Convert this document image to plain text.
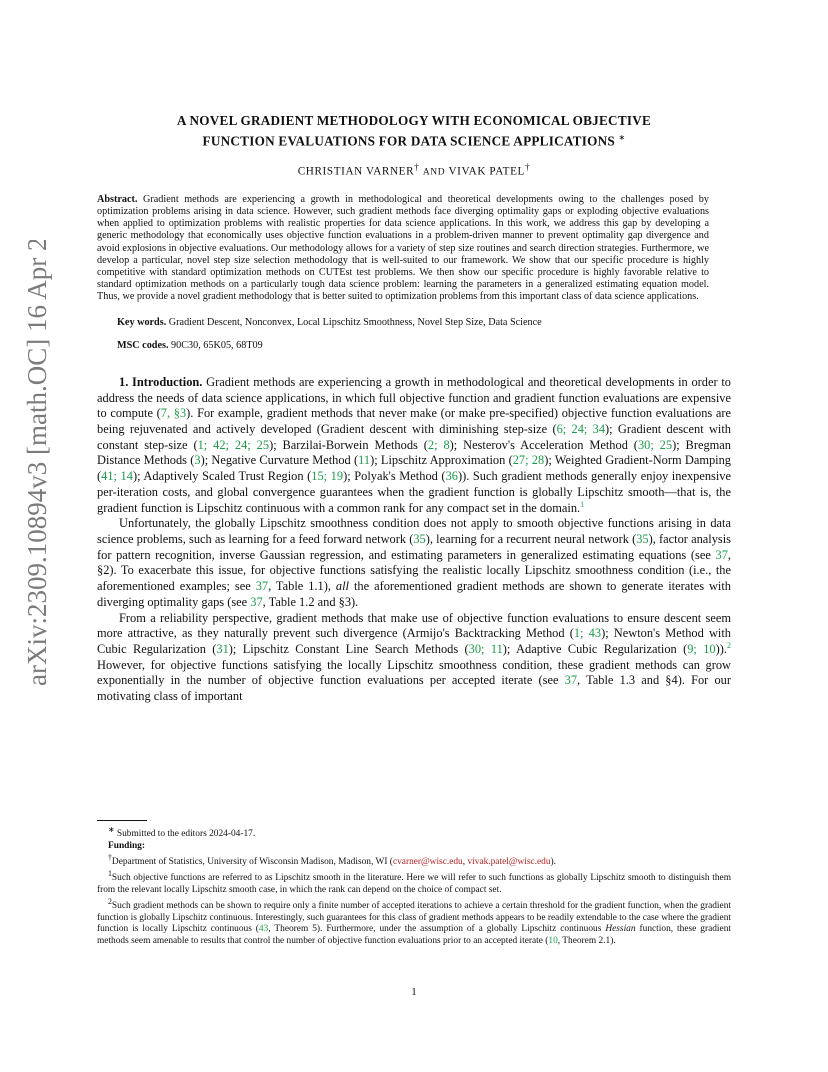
arXiv:2309.10894v3 [math.OC] 16 Apr 2024
A NOVEL GRADIENT METHODOLOGY WITH ECONOMICAL OBJECTIVE
FUNCTION EVALUATIONS FOR DATA SCIENCE APPLICATIONS ∗
CHRISTIAN VARNER† AND VIVAK PATEL†
Abstract. Gradient methods are experiencing a growth in methodological and theoretical developments owing to the challenges posed by optimization problems arising in data science. However, such gradient methods face diverging optimality gaps or exploding objective evaluations when applied to optimization problems with realistic properties for data science applications. In this work, we address this gap by developing a generic methodology that economically uses objective function evaluations in a problem-driven manner to prevent optimality gap divergence and avoid explosions in objective evaluations. Our methodology allows for a variety of step size routines and search direction strategies. Furthermore, we develop a particular, novel step size selection methodology that is well-suited to our framework. We show that our specific procedure is highly competitive with standard optimization methods on CUTEst test problems. We then show our specific procedure is highly favorable relative to standard optimization methods on a particularly tough data science problem: learning the parameters in a generalized estimating equation model. Thus, we provide a novel gradient methodology that is better suited to optimization problems from this important class of data science applications.
Key words. Gradient Descent, Nonconvex, Local Lipschitz Smoothness, Novel Step Size, Data Science
MSC codes. 90C30, 65K05, 68T09

1. Introduction. Gradient methods are experiencing a growth in methodological and theoretical developments in order to address the needs of data science applications, in which full objective function and gradient function evaluations are expensive to compute (7, §3). For example, gradient methods that never make (or make pre-specified) objective function evaluations are being rejuvenated and actively developed (Gradient descent with diminishing step-size (6; 24; 34); Gradient descent with constant step-size (1; 42; 24; 25); Barzilai-Borwein Methods (2; 8); Nesterov's Acceleration Method (30; 25); Bregman Distance Methods (3); Negative Curvature Method (11); Lipschitz Approximation (27; 28); Weighted Gradient-Norm Damping (41; 14); Adaptively Scaled Trust Region (15; 19); Polyak's Method (36)). Such gradient methods generally enjoy inexpensive per-iteration costs, and global convergence guarantees when the gradient function is globally Lipschitz smooth—that is, the gradient function is Lipschitz continuous with a common rank for any compact set in the domain.$^1$

Unfortunately, the globally Lipschitz smoothness condition does not apply to smooth objective functions arising in data science problems, such as learning for a feed forward network (35), learning for a recurrent neural network (35), factor analysis for pattern recognition, inverse Gaussian regression, and estimating parameters in generalized estimating equations (see 37, §2). To exacerbate this issue, for objective functions satisfying the realistic locally Lipschitz smoothness condition (i.e., the aforementioned examples; see 37, Table 1.1), all the aforementioned gradient methods are shown to generate iterates with diverging optimality gaps (see 37, Table 1.2 and §3).

From a reliability perspective, gradient methods that make use of objective function evaluations to ensure descent seem more attractive, as they naturally prevent such divergence (Armijo's Backtracking Method (1; 43); Newton's Method with Cubic Regularization (31); Lipschitz Constant Line Search Methods (30; 11); Adaptive Cubic Regularization (9; 10)).$^2$ However, for objective functions satisfying the locally Lipschitz smoothness condition, these gradient methods can grow exponentially in the number of objective function evaluations per accepted iterate (see 37, Table 1.3 and §4). For our motivating class of important

∗ Submitted to the editors 2024-04-17.

Funding:

†Department of Statistics, University of Wisconsin Madison, Madison, WI (cvarner@wisc.edu, vivak.patel@wisc.edu).

$^1$Such objective functions are referred to as Lipschitz smooth in the literature. Here we will refer to such functions as globally Lipschitz smooth to distinguish them from the relevant locally Lipschitz smooth case, in which the rank can depend on the choice of compact set.

$^2$Such gradient methods can be shown to require only a finite number of accepted iterations to achieve a certain threshold for the gradient function, when the gradient function is globally Lipschitz continuous. Interestingly, such guarantees for this class of gradient methods appears to be readily extendable to the case where the gradient function is locally Lipschitz continuous (43, Theorem 5). Furthermore, under the assumption of a globally Lipschitz continuous Hessian function, these gradient methods seem amenable to results that control the number of objective function evaluations prior to an accepted iterate (10, Theorem 2.1).

1
